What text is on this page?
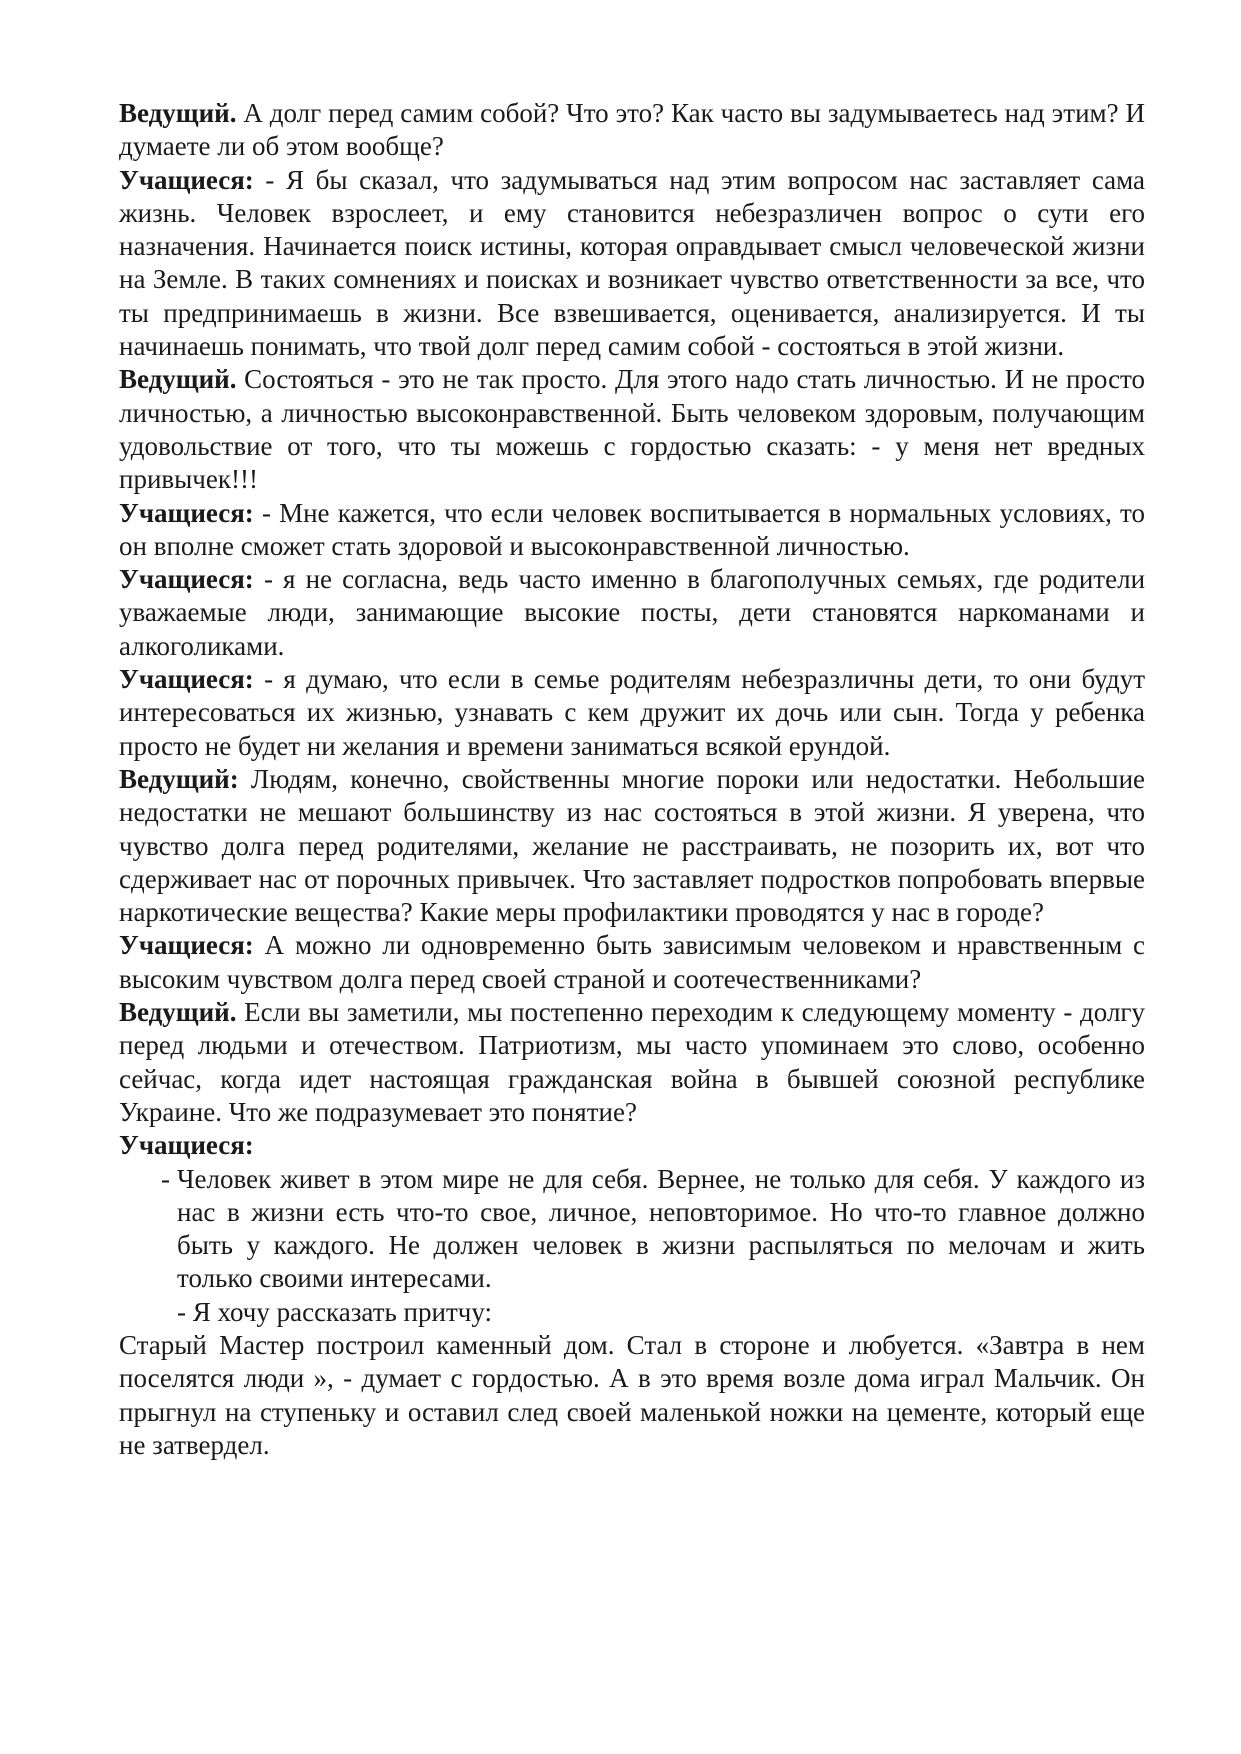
Ведущий. А долг перед самим собой? Что это? Как часто вы задумываетесь над этим? И думаете ли об этом вообще?

Учащиеся: - Я бы сказал, что задумываться над этим вопросом нас заставляет сама жизнь. Человек взрослеет, и ему становится небезразличен вопрос о сути его назначения. Начинается поиск истины, которая оправдывает смысл человеческой жизни на Земле. В таких сомнениях и поисках и возникает чувство ответственности за все, что ты предпринимаешь в жизни. Все взвешивается, оценивается, анализируется. И ты начинаешь понимать, что твой долг перед самим собой - состояться в этой жизни.

Ведущий. Состояться - это не так просто. Для этого надо стать личностью. И не просто личностью, а личностью высоконравственной. Быть человеком здоровым, получающим удовольствие от того, что ты можешь с гордостью сказать: - у меня нет вредных привычек!!!

Учащиеся: - Мне кажется, что если человек воспитывается в нормальных условиях, то он вполне сможет стать здоровой и высоконравственной личностью.

Учащиеся: - я не согласна, ведь часто именно в благополучных семьях, где родители уважаемые люди, занимающие высокие посты, дети становятся наркоманами и алкоголиками.

Учащиеся: - я думаю, что если в семье родителям небезразличны дети, то они будут интересоваться их жизнью, узнавать с кем дружит их дочь или сын. Тогда у ребенка просто не будет ни желания и времени заниматься всякой ерундой.

Ведущий: Людям, конечно, свойственны многие пороки или недостатки. Небольшие недостатки не мешают большинству из нас состояться в этой жизни. Я уверена, что чувство долга перед родителями, желание не расстраивать, не позорить их, вот что сдерживает нас от порочных привычек. Что заставляет подростков попробовать впервые наркотические вещества? Какие меры профилактики проводятся у нас в городе?

Учащиеся: А можно ли одновременно быть зависимым человеком и нравственным с высоким чувством долга перед своей страной и соотечественниками?

Ведущий. Если вы заметили, мы постепенно переходим к следующему моменту - долгу перед людьми и отечеством. Патриотизм, мы часто упоминаем это слово, особенно сейчас, когда идет настоящая гражданская война в бывшей союзной республике Украине. Что же подразумевает это понятие?

Учащиеся:

- Человек живет в этом мире не для себя. Вернее, не только для себя. У каждого из нас в жизни есть что-то свое, личное, неповторимое. Но что-то главное должно быть у каждого. Не должен человек в жизни распыляться по мелочам и жить только своими интересами.

- Я хочу рассказать притчу:

Старый Мастер построил каменный дом. Стал в стороне и любуется. «Завтра в нем поселятся люди », - думает с гордостью. А в это время возле дома играл Мальчик. Он прыгнул на ступеньку и оставил след своей маленькой ножки на цементе, который еще не затвердел.
